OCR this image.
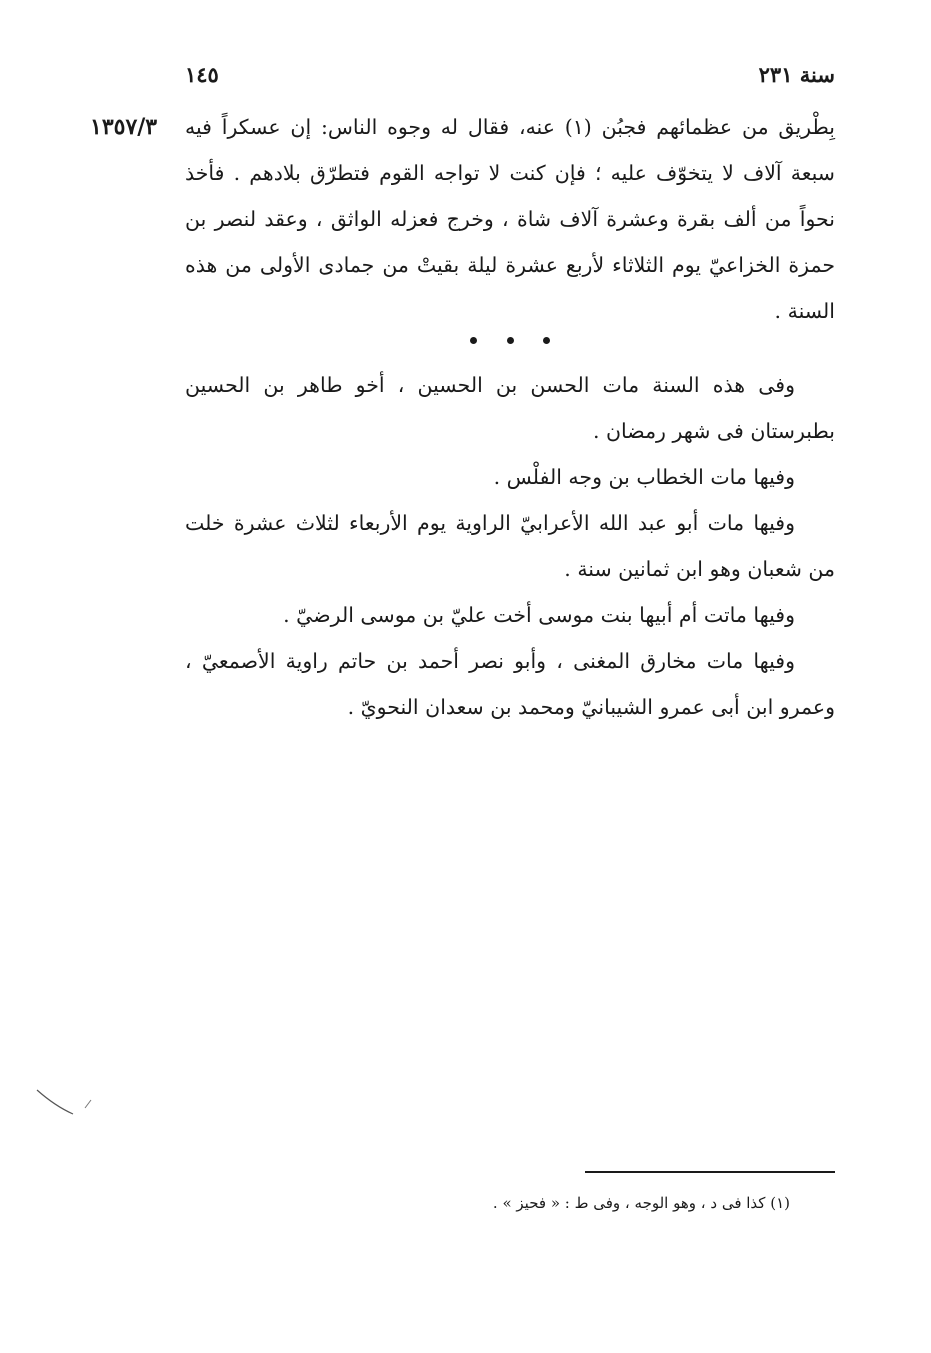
سنة ٢٣١
١٤٥
١٣٥٧/٣ بِطْريق من عظمائهم فجبُن (١) عنه، فقال له وجوه الناس: إن عسكراً فيه سبعة آلاف لا يتخوّف عليه ؛ فإن كنت لا تواجه القوم فتطرّق بلادهم . فأخذ نحواً من ألف بقرة وعشرة آلاف شاة ، وخرج فعزله الواثق ، وعقد لنصر بن حمزة الخزاعيّ يوم الثلاثاء لأربع عشرة ليلة بقيتْ من جمادى الأولى من هذه السنة .

وفى هذه السنة مات الحسن بن الحسين ، أخو طاهر بن الحسين بطبرستان فى شهر رمضان .

وفيها مات الخطاب بن وجه الفلْس .

وفيها مات أبو عبد الله الأعرابيّ الراوية يوم الأربعاء لثلاث عشرة خلت من شعبان وهو ابن ثمانين سنة .

وفيها ماتت أم أبيها بنت موسى أخت عليّ بن موسى الرضيّ .

وفيها مات مخارق المغنى ، وأبو نصر أحمد بن حاتم راوية الأصمعيّ ، وعمرو ابن أبى عمرو الشيبانيّ ومحمد بن سعدان النحويّ .

(١) كذا فى د ، وهو الوجه ، وفى ط : « فحيز » .
